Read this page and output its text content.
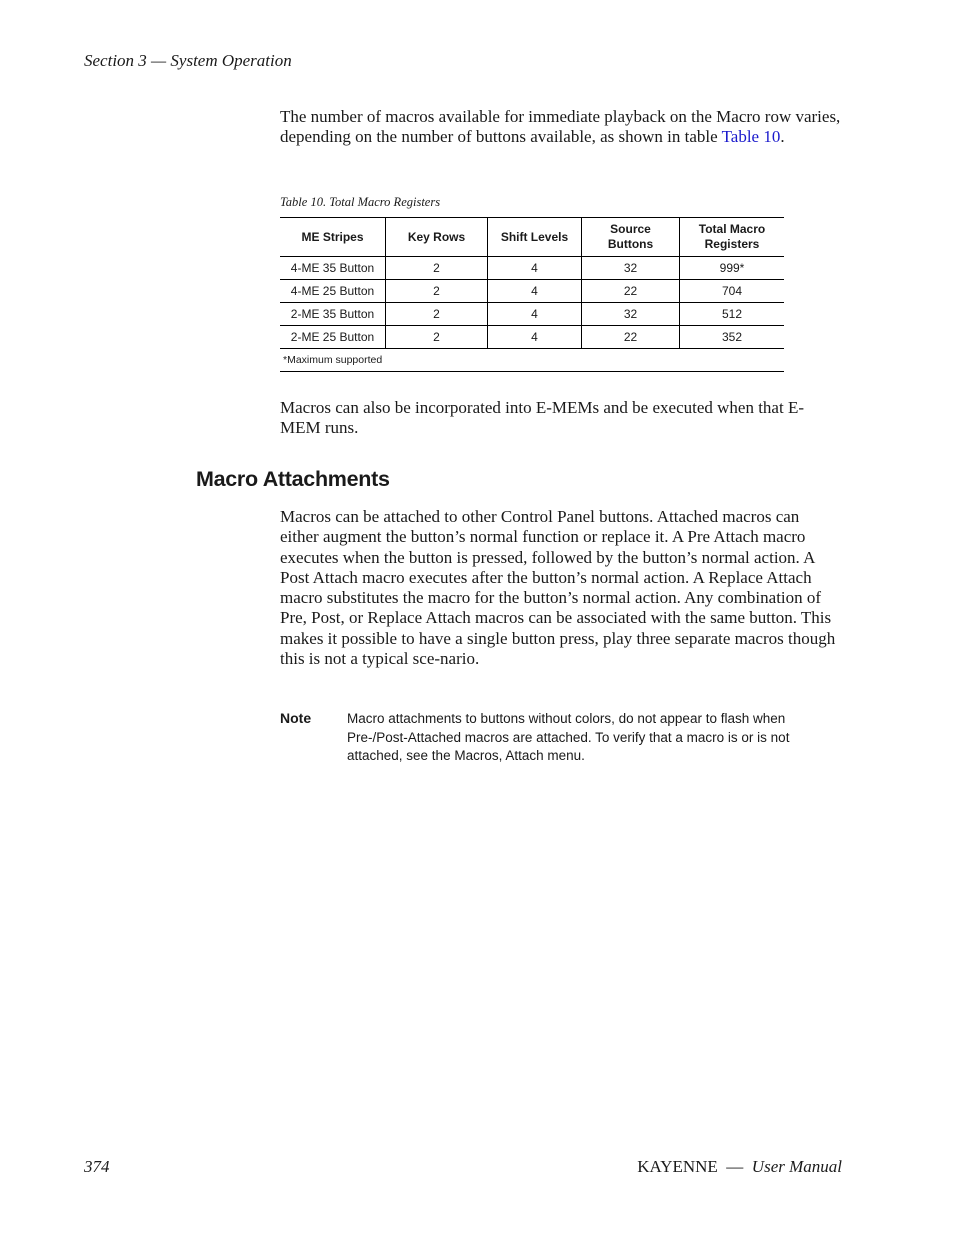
Section 3 — System Operation

The number of macros available for immediate playback on the Macro row varies, depending on the number of buttons available, as shown in table Table 10.

Table 10. Total Macro Registers
ME Stripes	Key Rows	Shift Levels	Source Buttons	Total Macro Registers
4-ME 35 Button	2	4	32	999*
4-ME 25 Button	2	4	22	704
2-ME 35 Button	2	4	32	512
2-ME 25 Button	2	4	22	352
*Maximum supported				

Macros can also be incorporated into E-MEMs and be executed when that E-MEM runs.

Macro Attachments

Macros can be attached to other Control Panel buttons. Attached macros can either augment the button’s normal function or replace it. A Pre Attach macro executes when the button is pressed, followed by the button’s normal action. A Post Attach macro executes after the button’s normal action. A Replace Attach macro substitutes the macro for the button’s normal action. Any combination of Pre, Post, or Replace Attach macros can be associated with the same button. This makes it possible to have a single button press, play three separate macros though this is not a typical sce-nario.

Note	Macro attachments to buttons without colors, do not appear to flash when Pre-/Post-Attached macros are attached. To verify that a macro is or is not attached, see the Macros, Attach menu.
374	KAYENNE — User Manual
